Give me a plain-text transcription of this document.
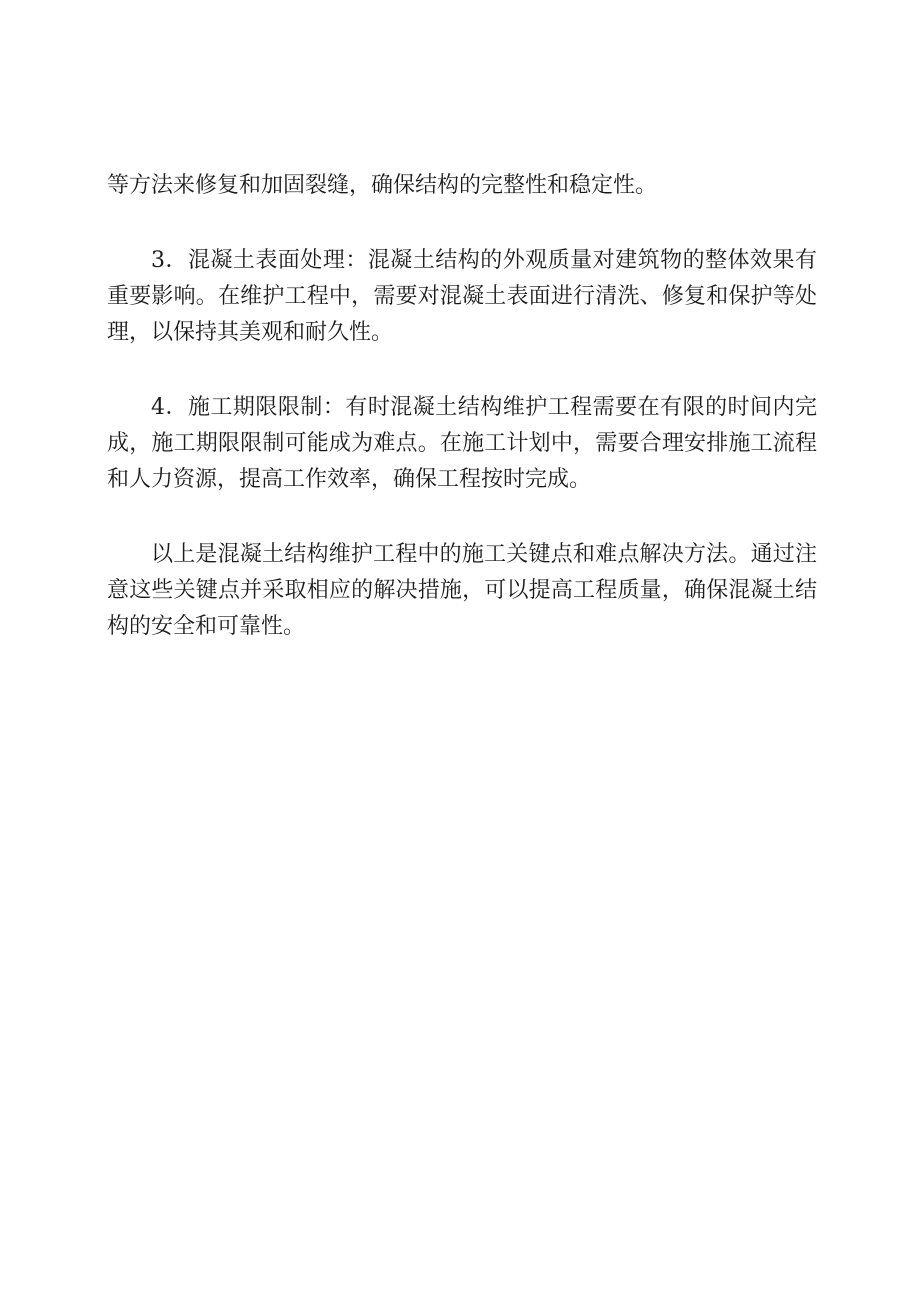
等方法来修复和加固裂缝，确保结构的完整性和稳定性。

3．混凝土表面处理：混凝土结构的外观质量对建筑物的整体效果有重要影响。在维护工程中，需要对混凝土表面进行清洗、修复和保护等处理，以保持其美观和耐久性。

4．施工期限限制：有时混凝土结构维护工程需要在有限的时间内完成，施工期限限制可能成为难点。在施工计划中，需要合理安排施工流程和人力资源，提高工作效率，确保工程按时完成。

以上是混凝土结构维护工程中的施工关键点和难点解决方法。通过注意这些关键点并采取相应的解决措施，可以提高工程质量，确保混凝土结构的安全和可靠性。
